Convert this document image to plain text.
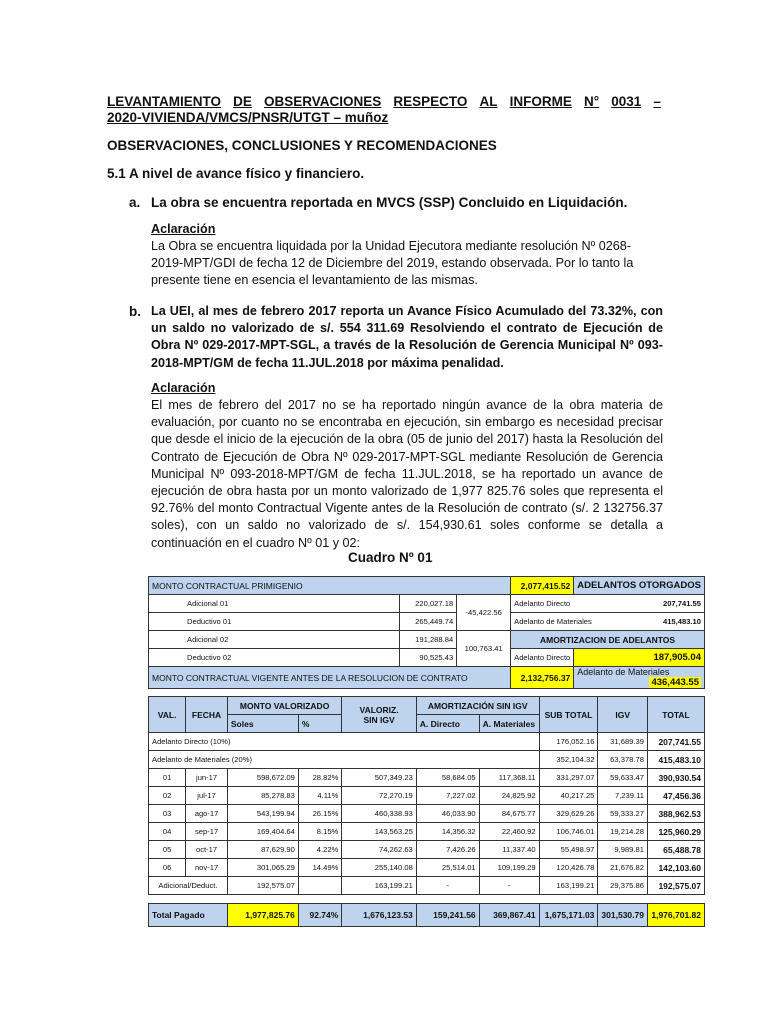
LEVANTAMIENTO DE OBSERVACIONES RESPECTO AL INFORME N° 0031 –
2020-VIVIENDA/VMCS/PNSR/UTGT – muñoz
OBSERVACIONES, CONCLUSIONES Y RECOMENDACIONES
5.1 A nivel de avance físico y financiero.
a. La obra se encuentra reportada en MVCS (SSP) Concluido en Liquidación.
Aclaración
La Obra se encuentra liquidada por la Unidad Ejecutora mediante resolución Nº 0268-2019-MPT/GDI de fecha 12 de Diciembre del 2019, estando observada. Por lo tanto la presente tiene en esencia el levantamiento de las mismas.
b. La UEI, al mes de febrero 2017 reporta un Avance Físico Acumulado del 73.32%, con un saldo no valorizado de s/. 554 311.69 Resolviendo el contrato de Ejecución de Obra Nº 029-2017-MPT-SGL, a través de la Resolución de Gerencia Municipal Nº 093-2018-MPT/GM de fecha 11.JUL.2018 por máxima penalidad.
Aclaración
El mes de febrero del 2017 no se ha reportado ningún avance de la obra materia de evaluación, por cuanto no se encontraba en ejecución, sin embargo es necesidad precisar que desde el inicio de la ejecución de la obra (05 de junio del 2017) hasta la Resolución del Contrato de Ejecución de Obra Nº 029-2017-MPT-SGL mediante Resolución de Gerencia Municipal Nº 093-2018-MPT/GM de fecha 11.JUL.2018, se ha reportado un avance de ejecución de obra hasta por un monto valorizado de 1,977 825.76 soles que representa el 92.76% del monto Contractual Vigente antes de la Resolución de contrato (s/. 2 132756.37 soles), con un saldo no valorizado de s/. 154,930.61 soles conforme se detalla a continuación en el cuadro Nº 01 y 02:
Cuadro Nº 01
MONTO CONTRACTUAL PRIMIGENIO			2,077,415.52	ADELANTOS OTORGADOS
Adicional 01	220,027.18	-45,422.56	Adelanto Directo 207,741.55	

Deductivo 01	265,449.74		Adelanto de Materiales 415,483.10	

Adicional 02	191,288.84	100,763.41	AMORTIZACION DE ADELANTOS	
Deductivo 02	90,525.43		Adelanto Directo	187,905.04
MONTO CONTRACTUAL VIGENTE ANTES DE LA RESOLUCION DE CONTRATO			2,132,756.37	Adelanto de Materiales
436,443.55
VAL.	FECHA	MONTO VALORIZADO		VALORIZ.
SIN IGV	AMORTIZACIÓN SIN IGV		SUB TOTAL	IGV	TOTAL
		Soles	%		A. Directo	A. Materiales			
Adelanto Directo (10%)							176,052.16	31,689.39	207,741.55
Adelanto de Materiales (20%)							352,104.32	63,378.78	415,483.10
01	jun-17	598,672.09	28.82%	507,349.23	58,684.05	117,368.11	331,297.07	59,633.47	390,930.54
02	jul-17	85,278.83	4.11%	72,270.19	7,227.02	24,825.92	40,217.25	7,239.11	47,456.36
03	ago-17	543,199.94	26.15%	460,338.93	46,033.90	84,675.77	329,629.26	59,333.27	388,962.53
04	sep-17	169,404.64	8.15%	143,563.25	14,356.32	22,460.92	106,746.01	19,214.28	125,960.29
05	oct-17	87,629.90	4.22%	74,262.63	7,426.26	11,337.40	55,498.97	9,989.81	65,488.78
06	nov-17	301,065.29	14.49%	255,140.08	25,514.01	109,199.29	120,426.78	21,676.82	142,103.60
Adicional/Deduct.		192,575.07		163,199.21	-	-	163,199.21	29,375.86	192,575.07

Total Pagado		1,977,825.76	92.74%	1,676,123.53	159,241.56	369,867.41	1,675,171.03	301,530.79	1,976,701.82
